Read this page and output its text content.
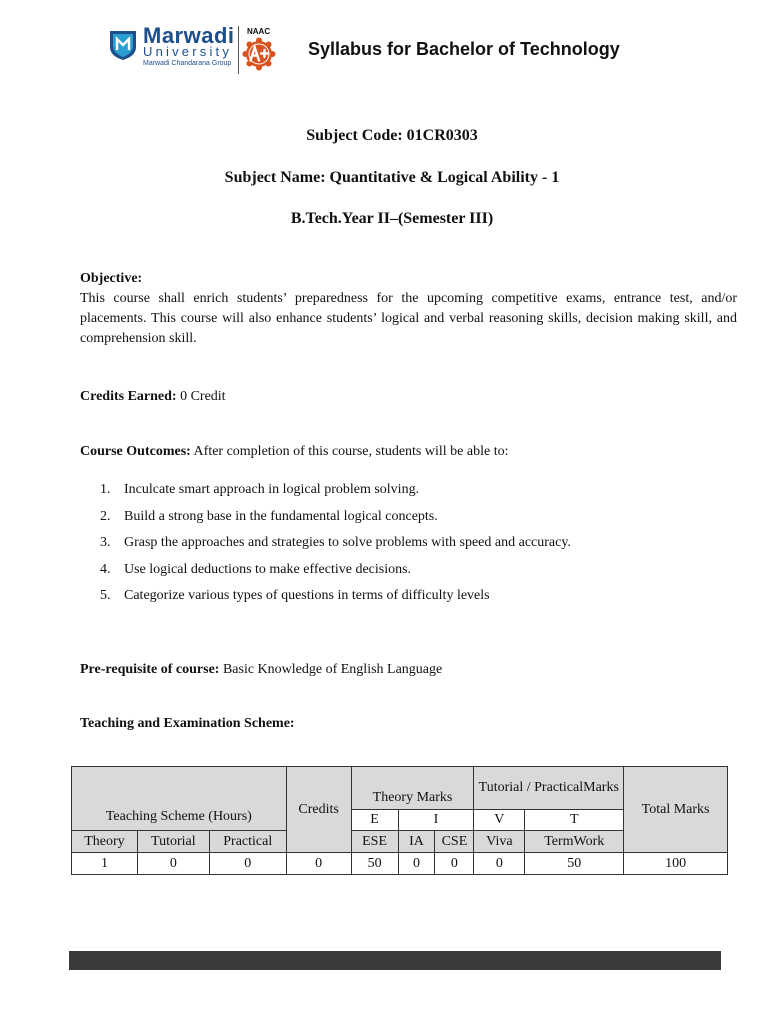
Marwadi
University
Marwadi Chandarana Group
NAAC
Syllabus for Bachelor of Technology
Subject Code: 01CR0303
Subject Name: Quantitative & Logical Ability - 1
B.Tech.Year II–(Semester III)
Objective:
This course shall enrich students’ preparedness for the upcoming competitive exams, entrance test, and/or placements. This course will also enhance students’ logical and verbal reasoning skills, decision making skill, and comprehension skill.
Credits Earned: 0 Credit
Course Outcomes: After completion of this course, students will be able to:
1. Inculcate smart approach in logical problem solving.
2. Build a strong base in the fundamental logical concepts.
3. Grasp the approaches and strategies to solve problems with speed and accuracy.
4. Use logical deductions to make effective decisions.
5. Categorize various types of questions in terms of difficulty levels
Pre-requisite of course: Basic Knowledge of English Language
Teaching and Examination Scheme:
Teaching Scheme (Hours)			Credits	Theory Marks			Tutorial / PracticalMarks		Total Marks
				E	I		V	T	
Theory	Tutorial	Practical		ESE	IA	CSE	Viva	TermWork	
1	0	0	0	50	0	0	0	50	100
